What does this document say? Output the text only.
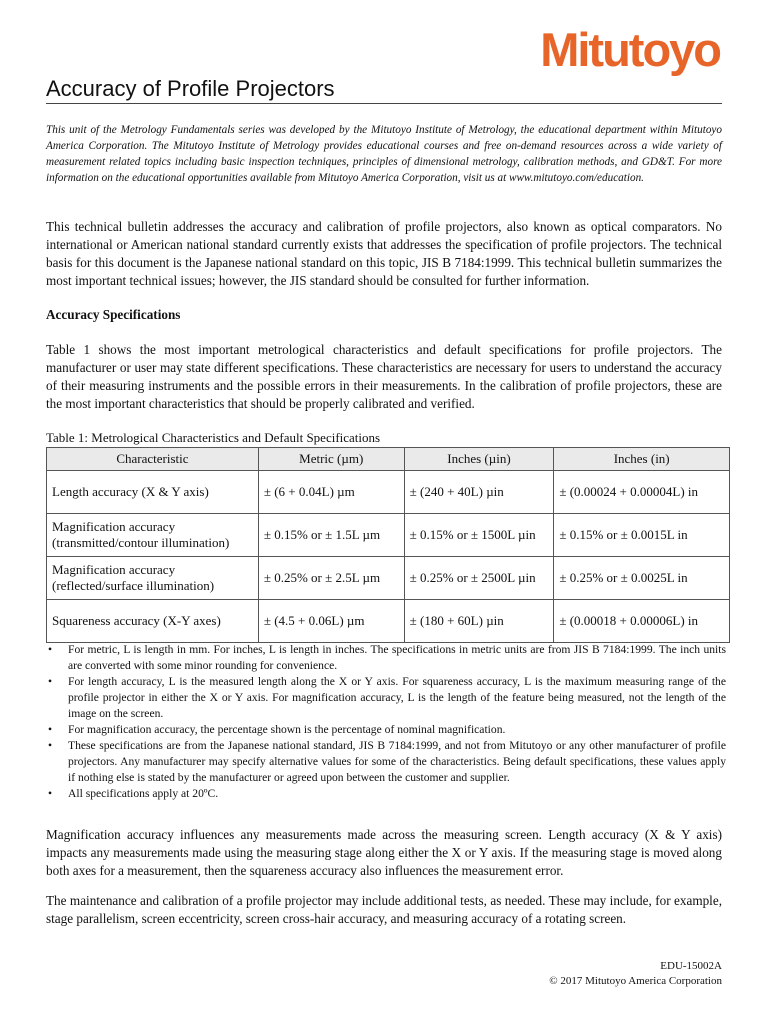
Mitutoyo
Accuracy of Profile Projectors
This unit of the Metrology Fundamentals series was developed by the Mitutoyo Institute of Metrology, the educational department within Mitutoyo America Corporation. The Mitutoyo Institute of Metrology provides educational courses and free on-demand resources across a wide variety of measurement related topics including basic inspection techniques, principles of dimensional metrology, calibration methods, and GD&T. For more information on the educational opportunities available from Mitutoyo America Corporation, visit us at www.mitutoyo.com/education.
This technical bulletin addresses the accuracy and calibration of profile projectors, also known as optical comparators. No international or American national standard currently exists that addresses the specification of profile projectors. The technical basis for this document is the Japanese national standard on this topic, JIS B 7184:1999. This technical bulletin summarizes the most important technical issues; however, the JIS standard should be consulted for further information.
Accuracy Specifications
Table 1 shows the most important metrological characteristics and default specifications for profile projectors. The manufacturer or user may state different specifications. These characteristics are necessary for users to understand the accuracy of their measuring instruments and the possible errors in their measurements. In the calibration of profile projectors, these are the most important characteristics that should be properly calibrated and verified.
Table 1: Metrological Characteristics and Default Specifications
Characteristic	Metric (µm)	Inches (µin)	Inches (in)
Length accuracy (X & Y axis)	± (6 + 0.04L) µm	± (240 + 40L) µin	± (0.00024 + 0.00004L) in
Magnification accuracy
(transmitted/contour illumination)	± 0.15% or ± 1.5L µm	± 0.15% or ± 1500L µin	± 0.15% or ± 0.0015L in
Magnification accuracy
(reflected/surface illumination)	± 0.25% or ± 2.5L µm	± 0.25% or ± 2500L µin	± 0.25% or ± 0.0025L in
Squareness accuracy (X-Y axes)	± (4.5 + 0.06L) µm	± (180 + 60L) µin	± (0.00018 + 0.00006L) in
• For metric, L is length in mm. For inches, L is length in inches. The specifications in metric units are from JIS B 7184:1999. The inch units are converted with some minor rounding for convenience.
• For length accuracy, L is the measured length along the X or Y axis. For squareness accuracy, L is the maximum measuring range of the profile projector in either the X or Y axis. For magnification accuracy, L is the length of the feature being measured, not the length of the image on the screen.
• For magnification accuracy, the percentage shown is the percentage of nominal magnification.
• These specifications are from the Japanese national standard, JIS B 7184:1999, and not from Mitutoyo or any other manufacturer of profile projectors. Any manufacturer may specify alternative values for some of the characteristics. Being default specifications, these values apply if nothing else is stated by the manufacturer or agreed upon between the customer and supplier.
• All specifications apply at 20ºC.
Magnification accuracy influences any measurements made across the measuring screen. Length accuracy (X & Y axis) impacts any measurements made using the measuring stage along either the X or Y axis. If the measuring stage is moved along both axes for a measurement, then the squareness accuracy also influences the measurement error.
The maintenance and calibration of a profile projector may include additional tests, as needed. These may include, for example, stage parallelism, screen eccentricity, screen cross-hair accuracy, and measuring accuracy of a rotating screen.
EDU-15002A
© 2017 Mitutoyo America Corporation
